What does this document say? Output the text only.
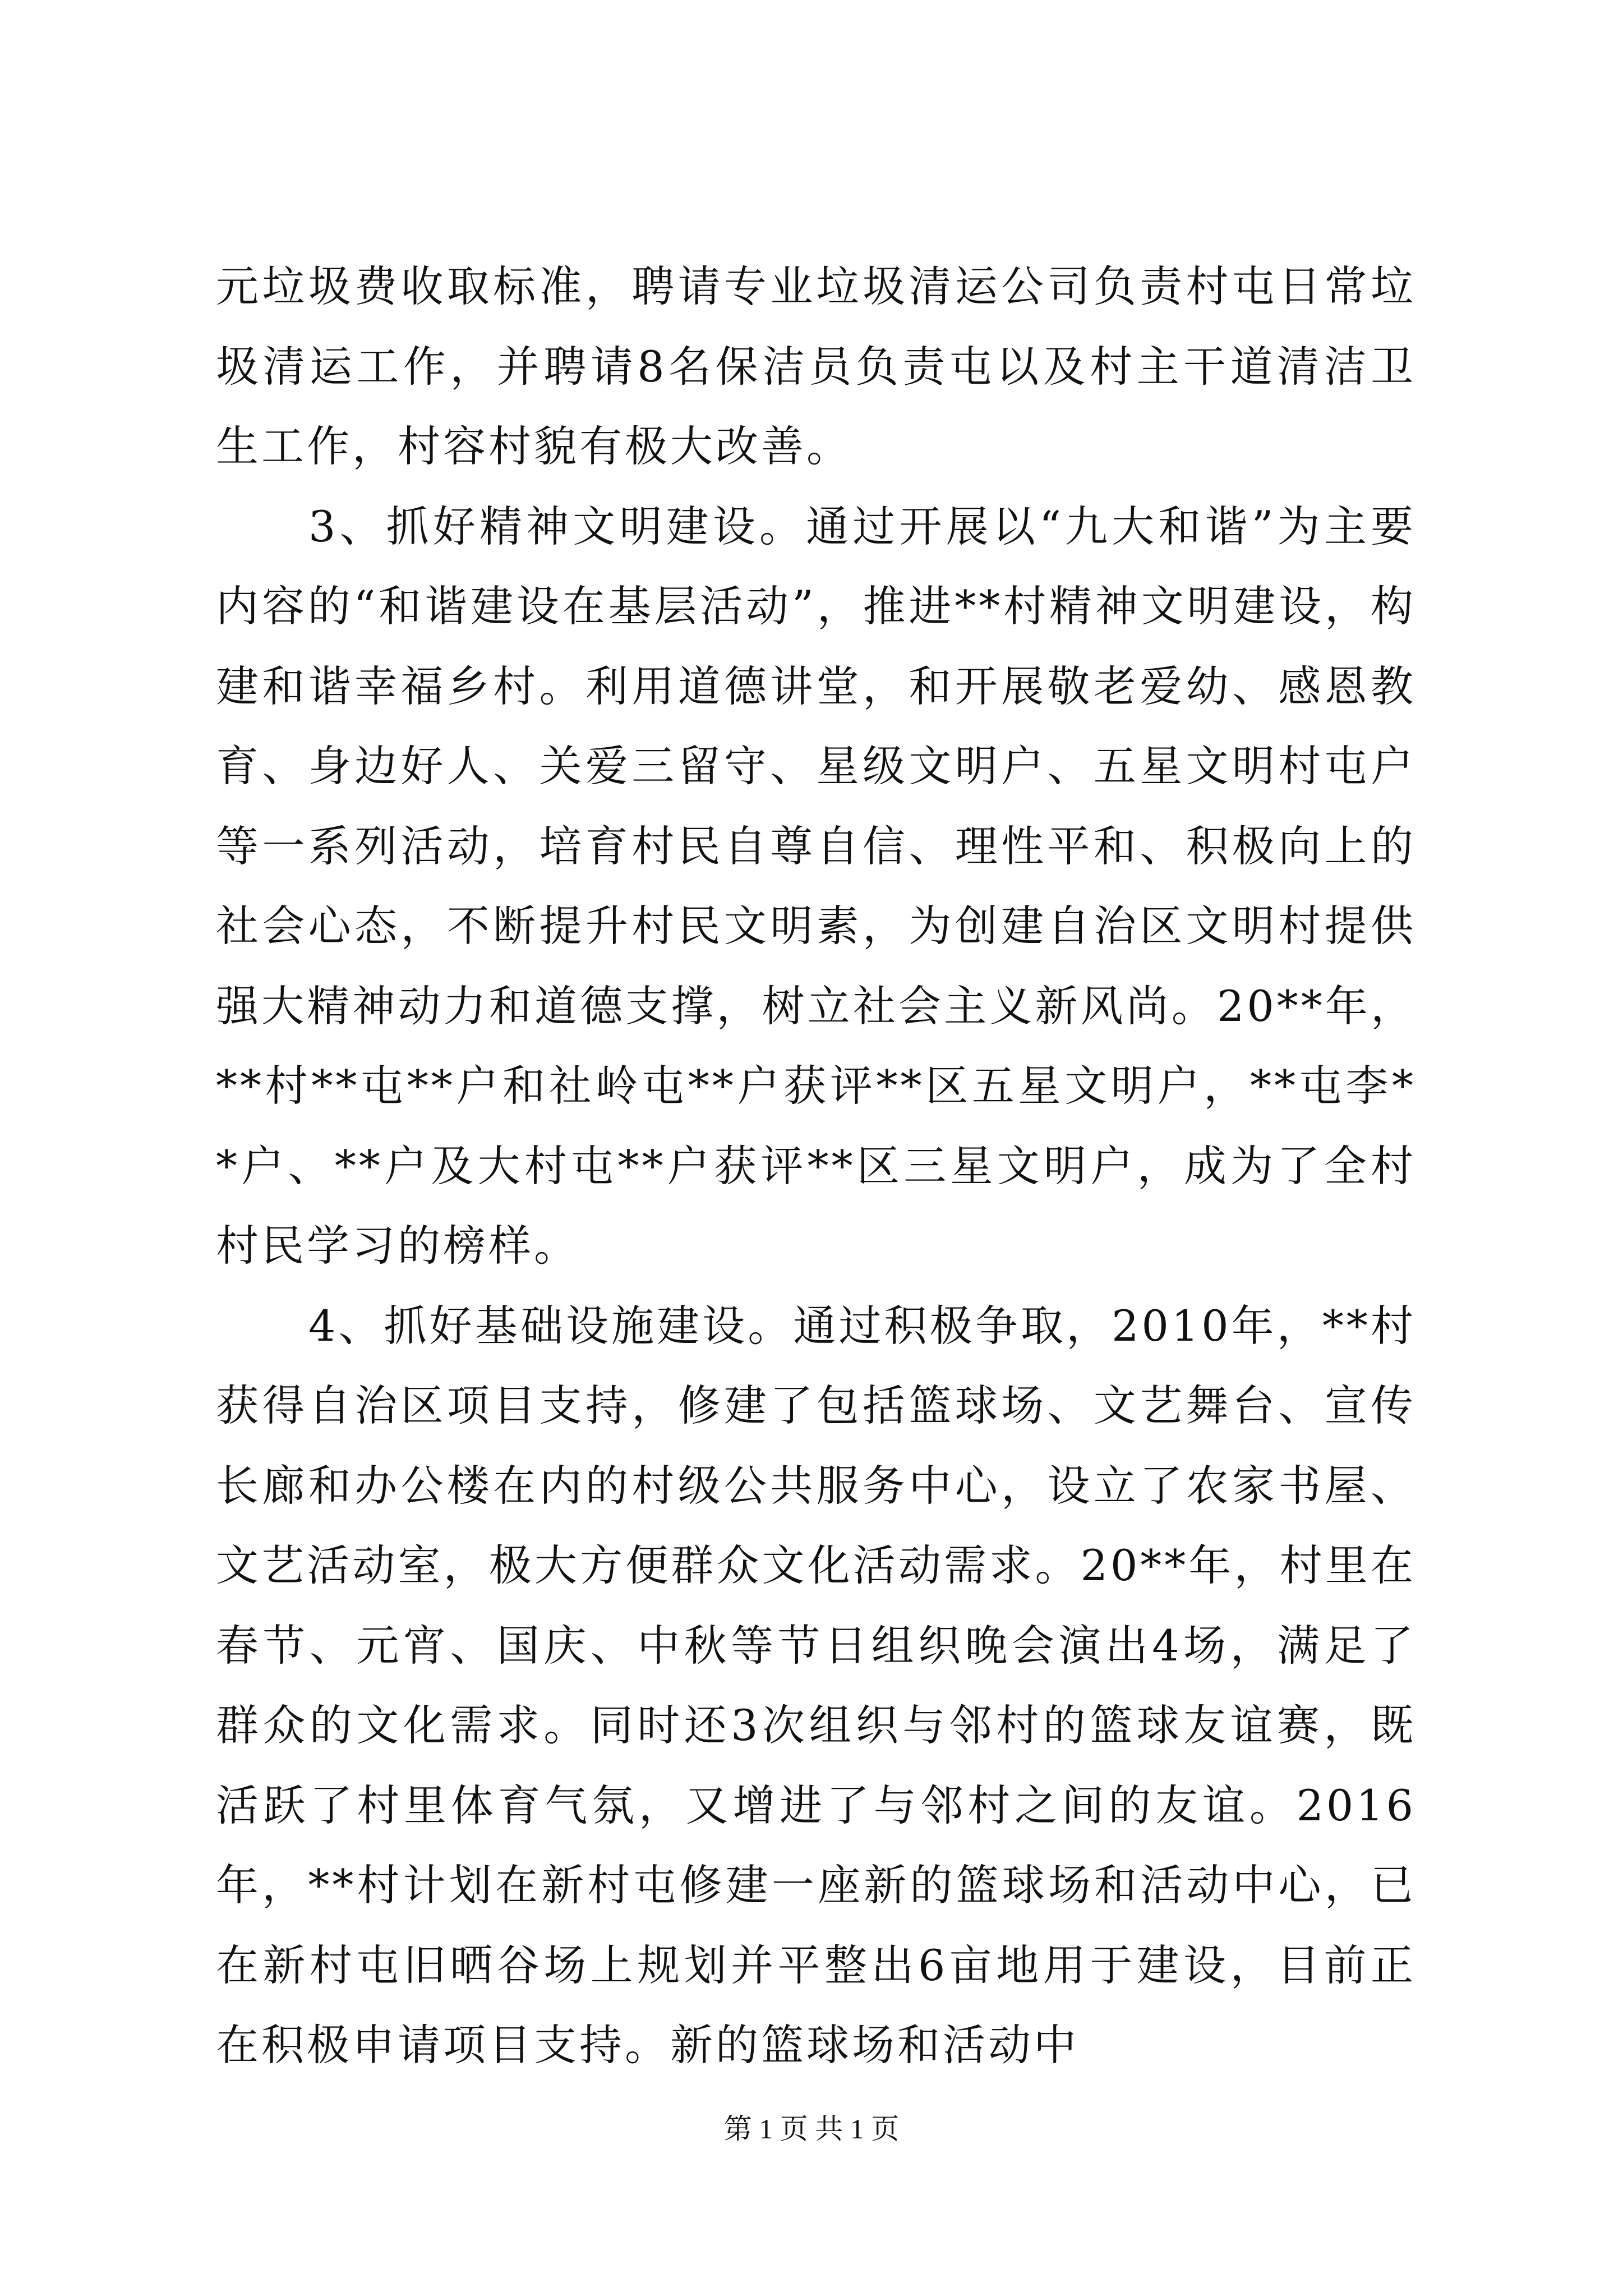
元垃圾费收取标准，聘请专业垃圾清运公司负责村屯日常垃圾清运工作，并聘请8名保洁员负责屯以及村主干道清洁卫生工作，村容村貌有极大改善。

3、抓好精神文明建设。通过开展以“九大和谐”为主要内容的“和谐建设在基层活动”，推进**村精神文明建设，构建和谐幸福乡村。利用道德讲堂，和开展敬老爱幼、感恩教育、身边好人、关爱三留守、星级文明户、五星文明村屯户等一系列活动，培育村民自尊自信、理性平和、积极向上的社会心态，不断提升村民文明素，为创建自治区文明村提供强大精神动力和道德支撑，树立社会主义新风尚。20**年，**村**屯**户和社岭屯**户获评**区五星文明户，**屯李**户、**户及大村屯**户获评**区三星文明户，成为了全村村民学习的榜样。

4、抓好基础设施建设。通过积极争取，2010年，**村获得自治区项目支持，修建了包括篮球场、文艺舞台、宣传长廊和办公楼在内的村级公共服务中心，设立了农家书屋、文艺活动室，极大方便群众文化活动需求。20**年，村里在春节、元宵、国庆、中秋等节日组织晚会演出4场，满足了群众的文化需求。同时还3次组织与邻村的篮球友谊赛，既活跃了村里体育气氛，又增进了与邻村之间的友谊。2016年，**村计划在新村屯修建一座新的篮球场和活动中心，已在新村屯旧晒谷场上规划并平整出6亩地用于建设，目前正在积极申请项目支持。新的篮球场和活动中

第 1 页 共 1 页
